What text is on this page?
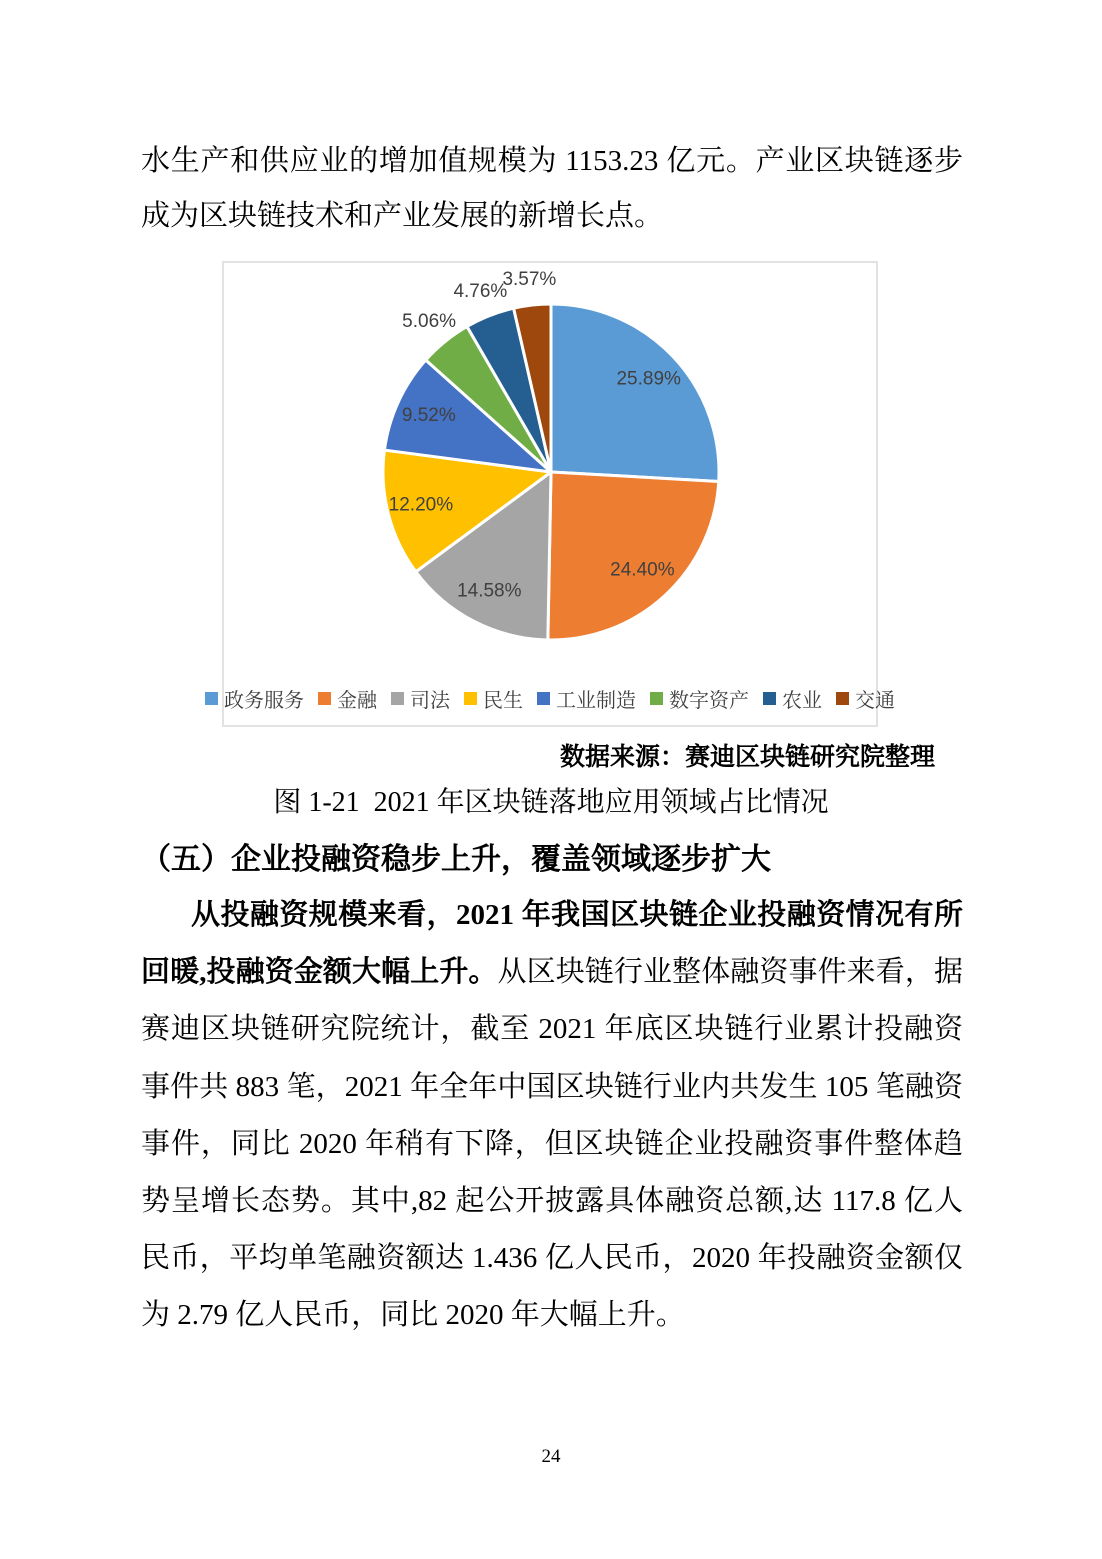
水生产和供应业的增加值规模为 1153.23 亿元。产业区块链逐步成为区块链技术和产业发展的新增长点。

25.89%
24.40%
14.58%
12.20%
9.52%
5.06%
4.76%
3.57%
政务服务 金融 司法 民生 工业制造 数字资产 农业 交通
数据来源：赛迪区块链研究院整理
图 1-21  2021 年区块链落地应用领域占比情况
（五）企业投融资稳步上升，覆盖领域逐步扩大

从投融资规模来看，2021 年我国区块链企业投融资情况有所回暖,投融资金额大幅上升。从区块链行业整体融资事件来看，据赛迪区块链研究院统计，截至 2021 年底区块链行业累计投融资事件共 883 笔，2021 年全年中国区块链行业内共发生 105 笔融资事件，同比 2020 年稍有下降，但区块链企业投融资事件整体趋势呈增长态势。其中,82 起公开披露具体融资总额,达 117.8 亿人民币，平均单笔融资额达 1.436 亿人民币，2020 年投融资金额仅为 2.79 亿人民币，同比 2020 年大幅上升。

24
